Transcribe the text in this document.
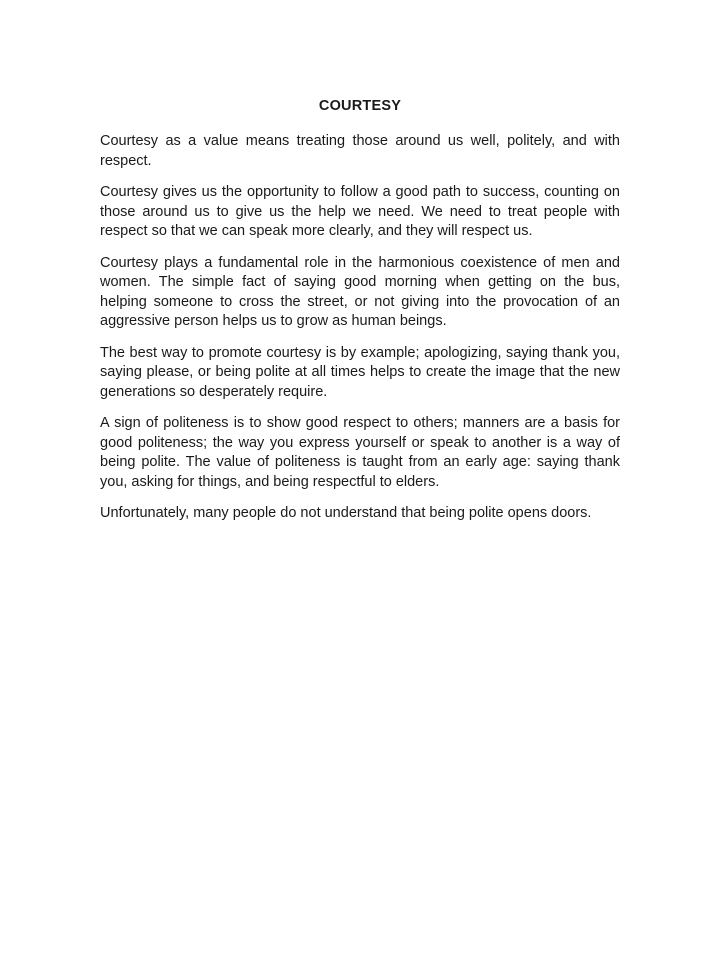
COURTESY

Courtesy as a value means treating those around us well, politely, and with respect.

Courtesy gives us the opportunity to follow a good path to success, counting on those around us to give us the help we need. We need to treat people with respect so that we can speak more clearly, and they will respect us.

Courtesy plays a fundamental role in the harmonious coexistence of men and women. The simple fact of saying good morning when getting on the bus, helping someone to cross the street, or not giving into the provocation of an aggressive person helps us to grow as human beings.

The best way to promote courtesy is by example; apologizing, saying thank you, saying please, or being polite at all times helps to create the image that the new generations so desperately require.

A sign of politeness is to show good respect to others; manners are a basis for good politeness; the way you express yourself or speak to another is a way of being polite. The value of politeness is taught from an early age: saying thank you, asking for things, and being respectful to elders.

Unfortunately, many people do not understand that being polite opens doors.
